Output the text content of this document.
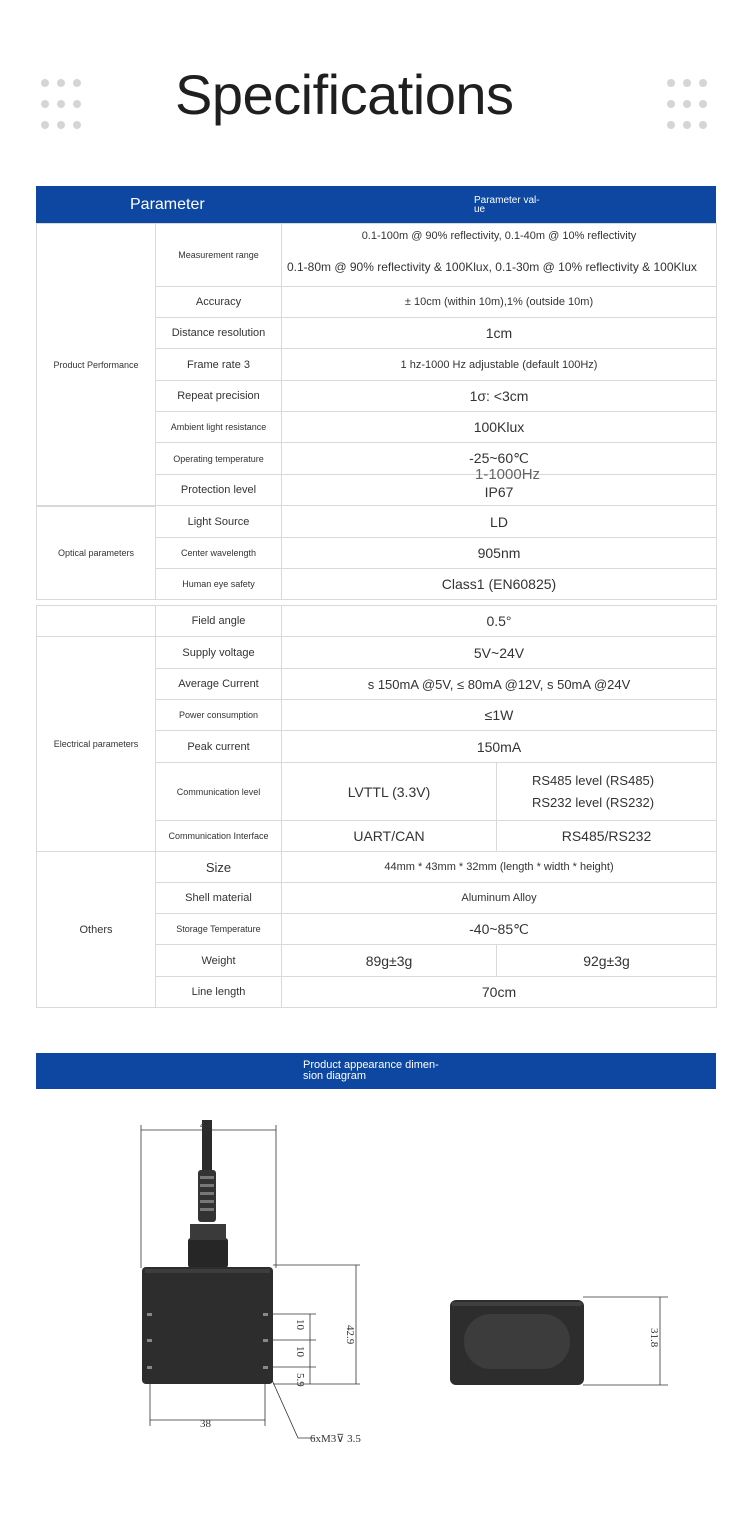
Specifications
Parameter	Parameter val-
ue
Product Performance	Measurement range	0.1-100m @ 90% reflectivity, 0.1-40m @ 10% reflectivity
0.1-80m @ 90% reflectivity & 100Klux, 0.1-30m @ 10% reflectivity & 100Klux

	Accuracy	± 10cm (within 10m),1% (outside 10m)
	Distance resolution	1cm
	Frame rate 3	1 hz-1000 Hz adjustable (default 100Hz)
	Repeat precision	1σ: <3cm
	Ambient light resistance	100Klux
	Operating temperature	-25~60℃
	Protection level	IP67

Optical parameters	Light Source	LD
	Center wavelength	905nm
	Human eye safety	Class1 (EN60825)
1-1000Hz
	Field angle	0.5°	
Electrical parameters	Supply voltage	5V~24V	
	Average Current	s 150mA @5V, ≤ 80mA @12V, s 50mA @24V	
	Power consumption	≤1W	
	Peak current	150mA	
	Communication level	LVTTL (3.3V)	RS485 level (RS485)
RS232 level (RS232)

	Communication Interface	UART/CAN	RS485/RS232
Others	Size	44mm * 43mm * 32mm (length * width * height)	
	Shell material	Aluminum Alloy	
	Storage Temperature	-40~85℃	
	Weight	89g±3g	92g±3g
	Line length	70cm	
Product appearance dimen-
sion diagram
44
42.9
10
10
5.9
38
6xM3⊽ 3.5
31.8
